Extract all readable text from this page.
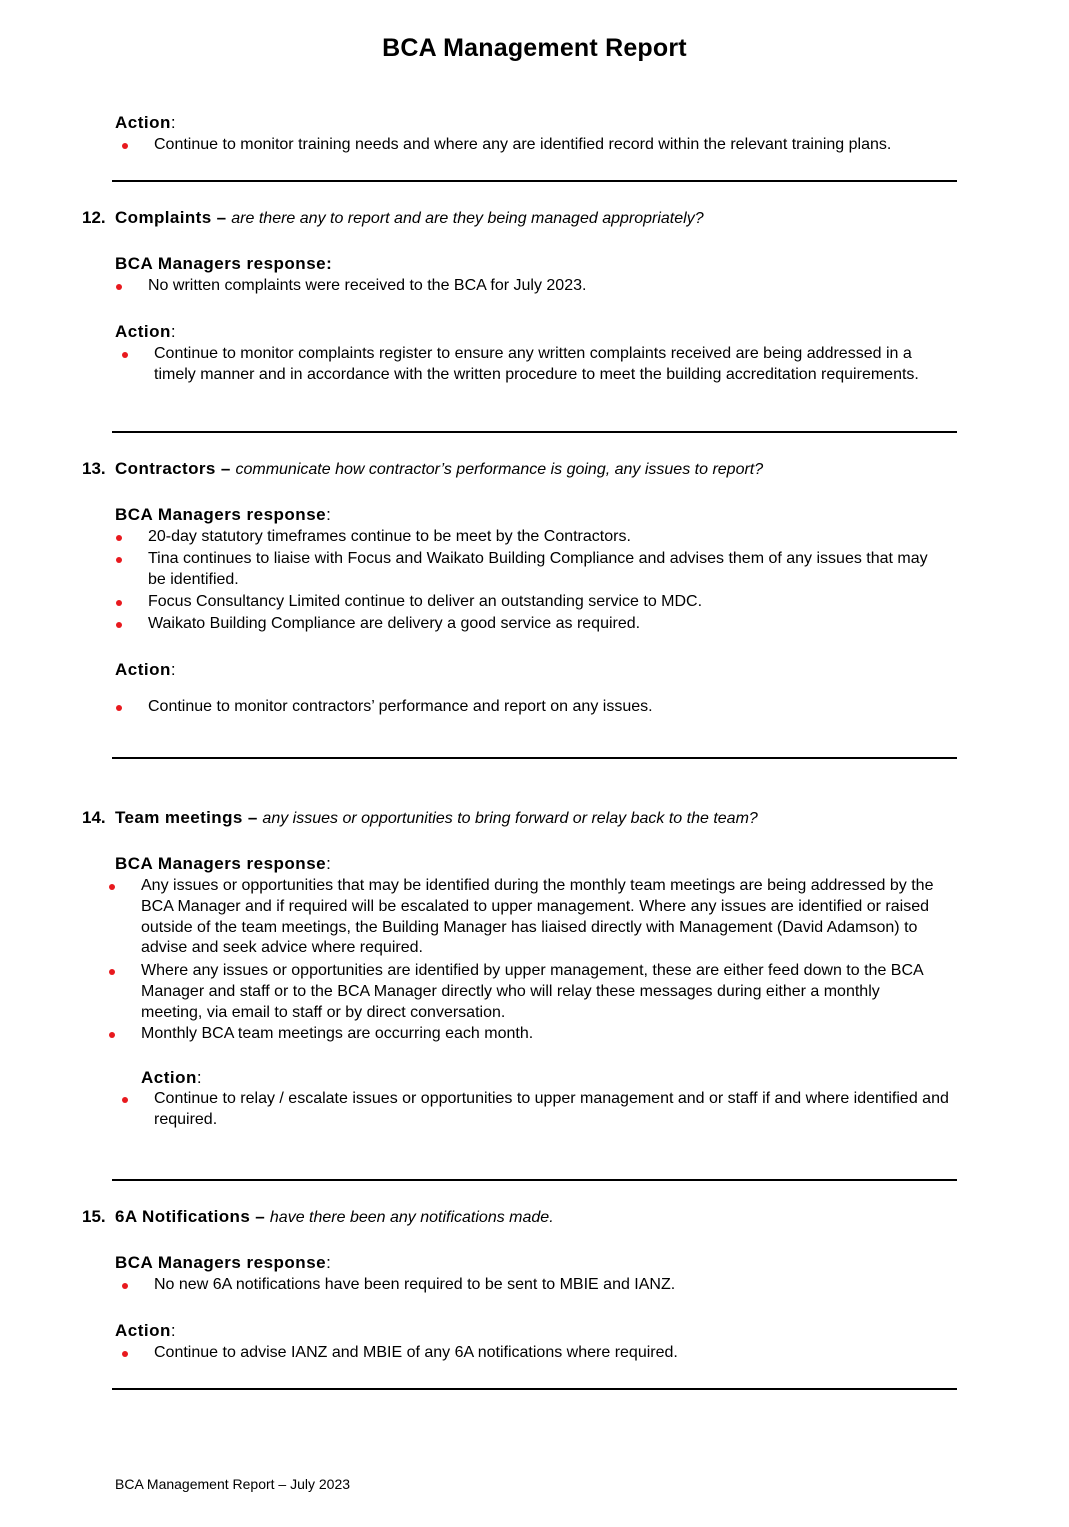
BCA Management Report
Action:
Continue to monitor training needs and where any are identified record within the relevant training plans.
12. Complaints – are there any to report and are they being managed appropriately?
BCA Managers response:
No written complaints were received to the BCA for July 2023.
Action:
Continue to monitor complaints register to ensure any written complaints received are being addressed in a timely manner and in accordance with the written procedure to meet the building accreditation requirements.
13. Contractors – communicate how contractor’s performance is going, any issues to report?
BCA Managers response:
20-day statutory timeframes continue to be meet by the Contractors.
Tina continues to liaise with Focus and Waikato Building Compliance and advises them of any issues that may be identified.
Focus Consultancy Limited continue to deliver an outstanding service to MDC.
Waikato Building Compliance are delivery a good service as required.
Action:
Continue to monitor contractors’ performance and report on any issues.
14. Team meetings – any issues or opportunities to bring forward or relay back to the team?
BCA Managers response:
Any issues or opportunities that may be identified during the monthly team meetings are being addressed by the BCA Manager and if required will be escalated to upper management. Where any issues are identified or raised outside of the team meetings, the Building Manager has liaised directly with Management (David Adamson) to advise and seek advice where required.
Where any issues or opportunities are identified by upper management, these are either feed down to the BCA Manager and staff or to the BCA Manager directly who will relay these messages during either a monthly meeting, via email to staff or by direct conversation.
Monthly BCA team meetings are occurring each month.
Action:
Continue to relay / escalate issues or opportunities to upper management and or staff if and where identified and required.
15. 6A Notifications – have there been any notifications made.
BCA Managers response:
No new 6A notifications have been required to be sent to MBIE and IANZ.
Action:
Continue to advise IANZ and MBIE of any 6A notifications where required.
BCA Management Report – July 2023
